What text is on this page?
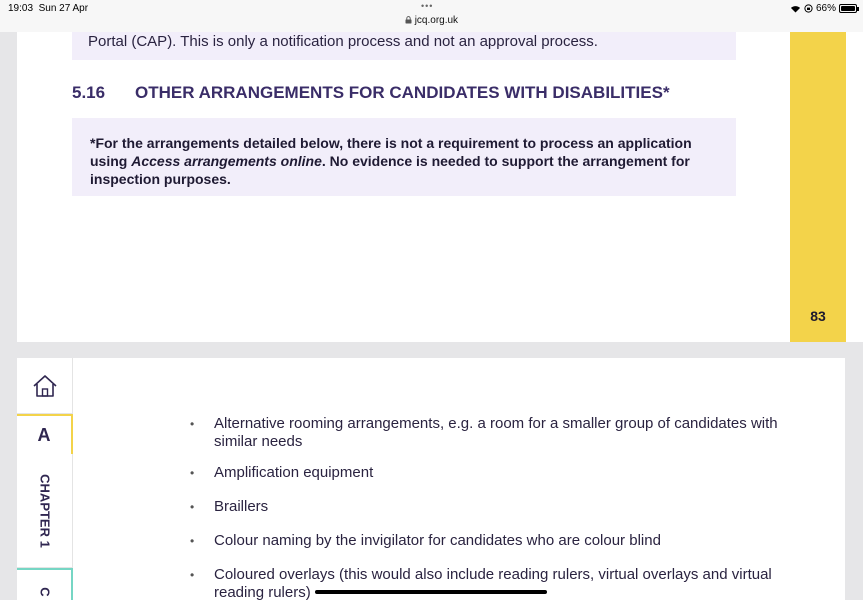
19:03 Sun 27 Apr	•••
jcq.org.uk
66%
83
Portal (CAP). This is only a notification process and not an approval process.
5.16 OTHER ARRANGEMENTS FOR CANDIDATES WITH DISABILITIES*
*For the arrangements detailed below, there is not a requirement to process an application using Access arrangements online. No evidence is needed to support the arrangement for inspection purposes.
A
CHAPTER 1
C
• Alternative rooming arrangements, e.g. a room for a smaller group of candidates with similar needs
• Amplification equipment
• Braillers
• Colour naming by the invigilator for candidates who are colour blind
• Coloured overlays (this would also include reading rulers, virtual overlays and virtual reading rulers)
